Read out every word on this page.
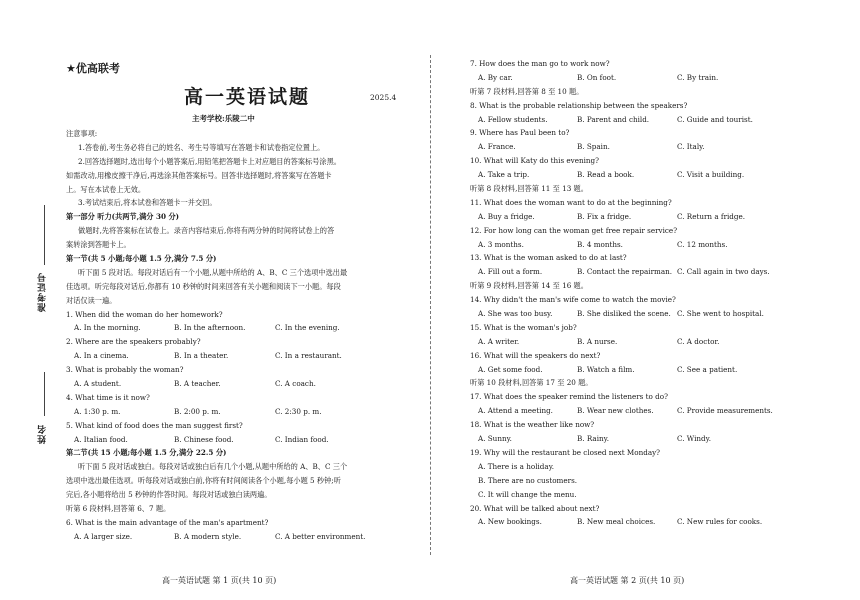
准考证号
姓名
★优高联考
高一英语试题	2025.4
主考学校:乐陵二中
注意事项:
1.答卷前,考生务必将自己的姓名、考生号等填写在答题卡和试卷指定位置上。
2.回答选择题时,选出每个小题答案后,用铅笔把答题卡上对应题目的答案标号涂黑。
如需改动,用橡皮擦干净后,再选涂其他答案标号。回答非选择题时,将答案写在答题卡
上。写在本试卷上无效。
3.考试结束后,将本试卷和答题卡一并交回。
第一部分 听力(共两节,满分 30 分)
做题时,先将答案标在试卷上。录音内容结束后,你将有两分钟的时间将试卷上的答
案转涂到答题卡上。
第一节(共 5 小题;每小题 1.5 分,满分 7.5 分)
听下面 5 段对话。每段对话后有一个小题,从题中所给的 A、B、C 三个选项中选出最
佳选项。听完每段对话后,你都有 10 秒钟的时间来回答有关小题和阅读下一小题。每段
对话仅读一遍。
1. When did the woman do her homework?
A. In the morning.	B. In the afternoon.	C. In the evening.
2. Where are the speakers probably?
A. In a cinema.	B. In a theater.	C. In a restaurant.
3. What is probably the woman?
A. A student.	B. A teacher.	C. A coach.
4. What time is it now?
A. 1:30 p. m.	B. 2:00 p. m.	C. 2:30 p. m.
5. What kind of food does the man suggest first?
A. Italian food.	B. Chinese food.	C. Indian food.
第二节(共 15 小题;每小题 1.5 分,满分 22.5 分)
听下面 5 段对话或独白。每段对话或独白后有几个小题,从题中所给的 A、B、C 三个
选项中选出最佳选项。听每段对话或独白前,你将有时间阅读各个小题,每小题 5 秒钟;听
完后,各小题将给出 5 秒钟的作答时间。每段对话或独白读两遍。
听第 6 段材料,回答第 6、7 题。
6. What is the main advantage of the man's apartment?
A. A larger size.	B. A modern style.	C. A better environment.
高一英语试题 第 1 页(共 10 页)
7. How does the man go to work now?
A. By car.	B. On foot.	C. By train.
听第 7 段材料,回答第 8 至 10 题。
8. What is the probable relationship between the speakers?
A. Fellow students.	B. Parent and child.	C. Guide and tourist.
9. Where has Paul been to?
A. France.	B. Spain.	C. Italy.
10. What will Katy do this evening?
A. Take a trip.	B. Read a book.	C. Visit a building.
听第 8 段材料,回答第 11 至 13 题。
11. What does the woman want to do at the beginning?
A. Buy a fridge.	B. Fix a fridge.	C. Return a fridge.
12. For how long can the woman get free repair service?
A. 3 months.	B. 4 months.	C. 12 months.
13. What is the woman asked to do at last?
A. Fill out a form.	B. Contact the repairman. C. Call again in two days.
听第 9 段材料,回答第 14 至 16 题。
14. Why didn't the man's wife come to watch the movie?
A. She was too busy.	B. She disliked the scene. C. She went to hospital.
15. What is the woman's job?
A. A writer.	B. A nurse.	C. A doctor.
16. What will the speakers do next?
A. Get some food.	B. Watch a film.	C. See a patient.
听第 10 段材料,回答第 17 至 20 题。
17. What does the speaker remind the listeners to do?
A. Attend a meeting.	B. Wear new clothes.	C. Provide measurements.
18. What is the weather like now?
A. Sunny.	B. Rainy.	C. Windy.
19. Why will the restaurant be closed next Monday?
A. There is a holiday.
B. There are no customers.
C. It will change the menu.
20. What will be talked about next?
A. New bookings.	B. New meal choices.	C. New rules for cooks.
高一英语试题 第 2 页(共 10 页)
